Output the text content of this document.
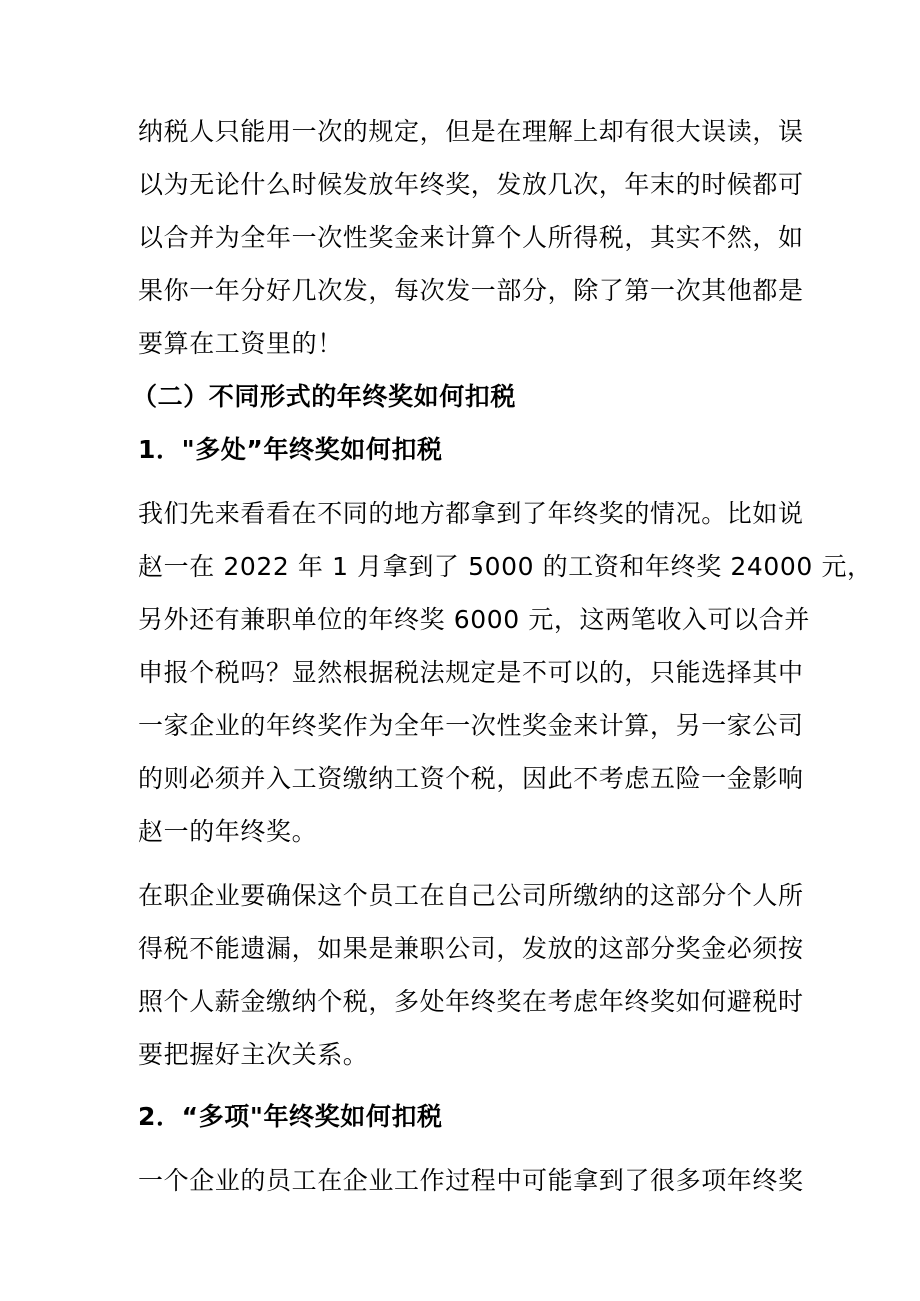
纳税人只能用一次的规定，但是在理解上却有很大误读，误
以为无论什么时候发放年终奖，发放几次，年末的时候都可
以合并为全年一次性奖金来计算个人所得税，其实不然，如
果你一年分好几次发，每次发一部分，除了第一次其他都是
要算在工资里的！
（二）不同形式的年终奖如何扣税
1．"多处”年终奖如何扣税
我们先来看看在不同的地方都拿到了年终奖的情况。比如说
赵一在 2022 年 1 月拿到了 5000 的工资和年终奖 24000 元，
另外还有兼职单位的年终奖 6000 元，这两笔收入可以合并
申报个税吗？显然根据税法规定是不可以的，只能选择其中
一家企业的年终奖作为全年一次性奖金来计算，另一家公司
的则必须并入工资缴纳工资个税，因此不考虑五险一金影响
赵一的年终奖。
在职企业要确保这个员工在自己公司所缴纳的这部分个人所
得税不能遗漏，如果是兼职公司，发放的这部分奖金必须按
照个人薪金缴纳个税，多处年终奖在考虑年终奖如何避税时
要把握好主次关系。
2．“多项"年终奖如何扣税
一个企业的员工在企业工作过程中可能拿到了很多项年终奖
